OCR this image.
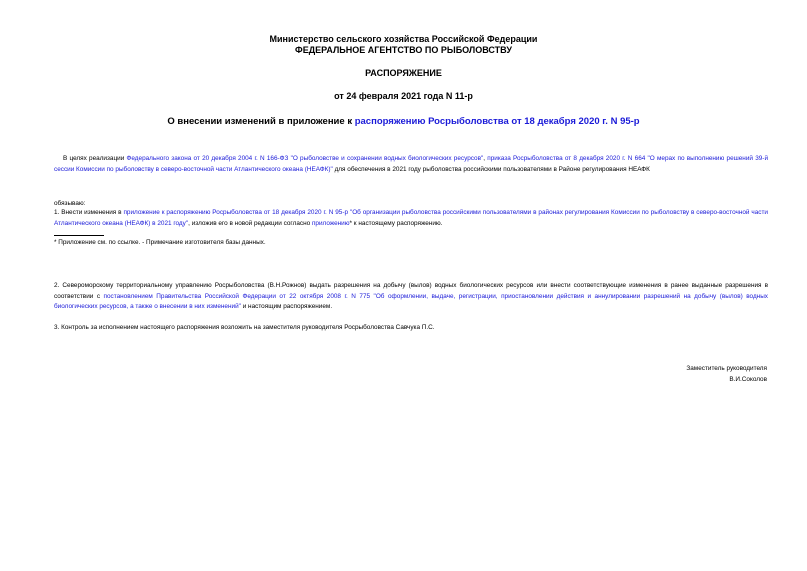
Министерство сельского хозяйства Российской Федерации
ФЕДЕРАЛЬНОЕ АГЕНТСТВО ПО РЫБОЛОВСТВУ
РАСПОРЯЖЕНИЕ
от 24 февраля 2021 года N 11-р
О внесении изменений в приложение к распоряжению Росрыболовства от 18 декабря 2020 г. N 95-р
В целях реализации Федерального закона от 20 декабря 2004 г. N 166-ФЗ "О рыболовстве и сохранении водных биологических ресурсов", приказа Росрыболовства от 8 декабря 2020 г. N 664 "О мерах по выполнению решений 39-й сессии Комиссии по рыболовству в северо-восточной части Атлантического океана (НЕАФК)" для обеспечения в 2021 году рыболовства российскими пользователями в Районе регулирования НЕАФК
обязываю:
1. Внести изменения в приложение к распоряжению Росрыболовства от 18 декабря 2020 г. N 95-р "Об организации рыболовства российскими пользователями в районах регулирования Комиссии по рыболовству в северо-восточной части Атлантического океана (НЕАФК) в 2021 году", изложив его в новой редакции согласно приложению* к настоящему распоряжению.
* Приложение см. по ссылке. - Примечание изготовителя базы данных.
2. Североморскому территориальному управлению Росрыболовства (В.Н.Рожнов) выдать разрешения на добычу (вылов) водных биологических ресурсов или внести соответствующие изменения в ранее выданные разрешения в соответствии с постановлением Правительства Российской Федерации от 22 октября 2008 г. N 775 "Об оформлении, выдаче, регистрации, приостановлении действия и аннулировании разрешений на добычу (вылов) водных биологических ресурсов, а также о внесении в них изменений" и настоящим распоряжением.
3. Контроль за исполнением настоящего распоряжения возложить на заместителя руководителя Росрыболовства Савчука П.С.
Заместитель руководителя
В.И.Соколов
